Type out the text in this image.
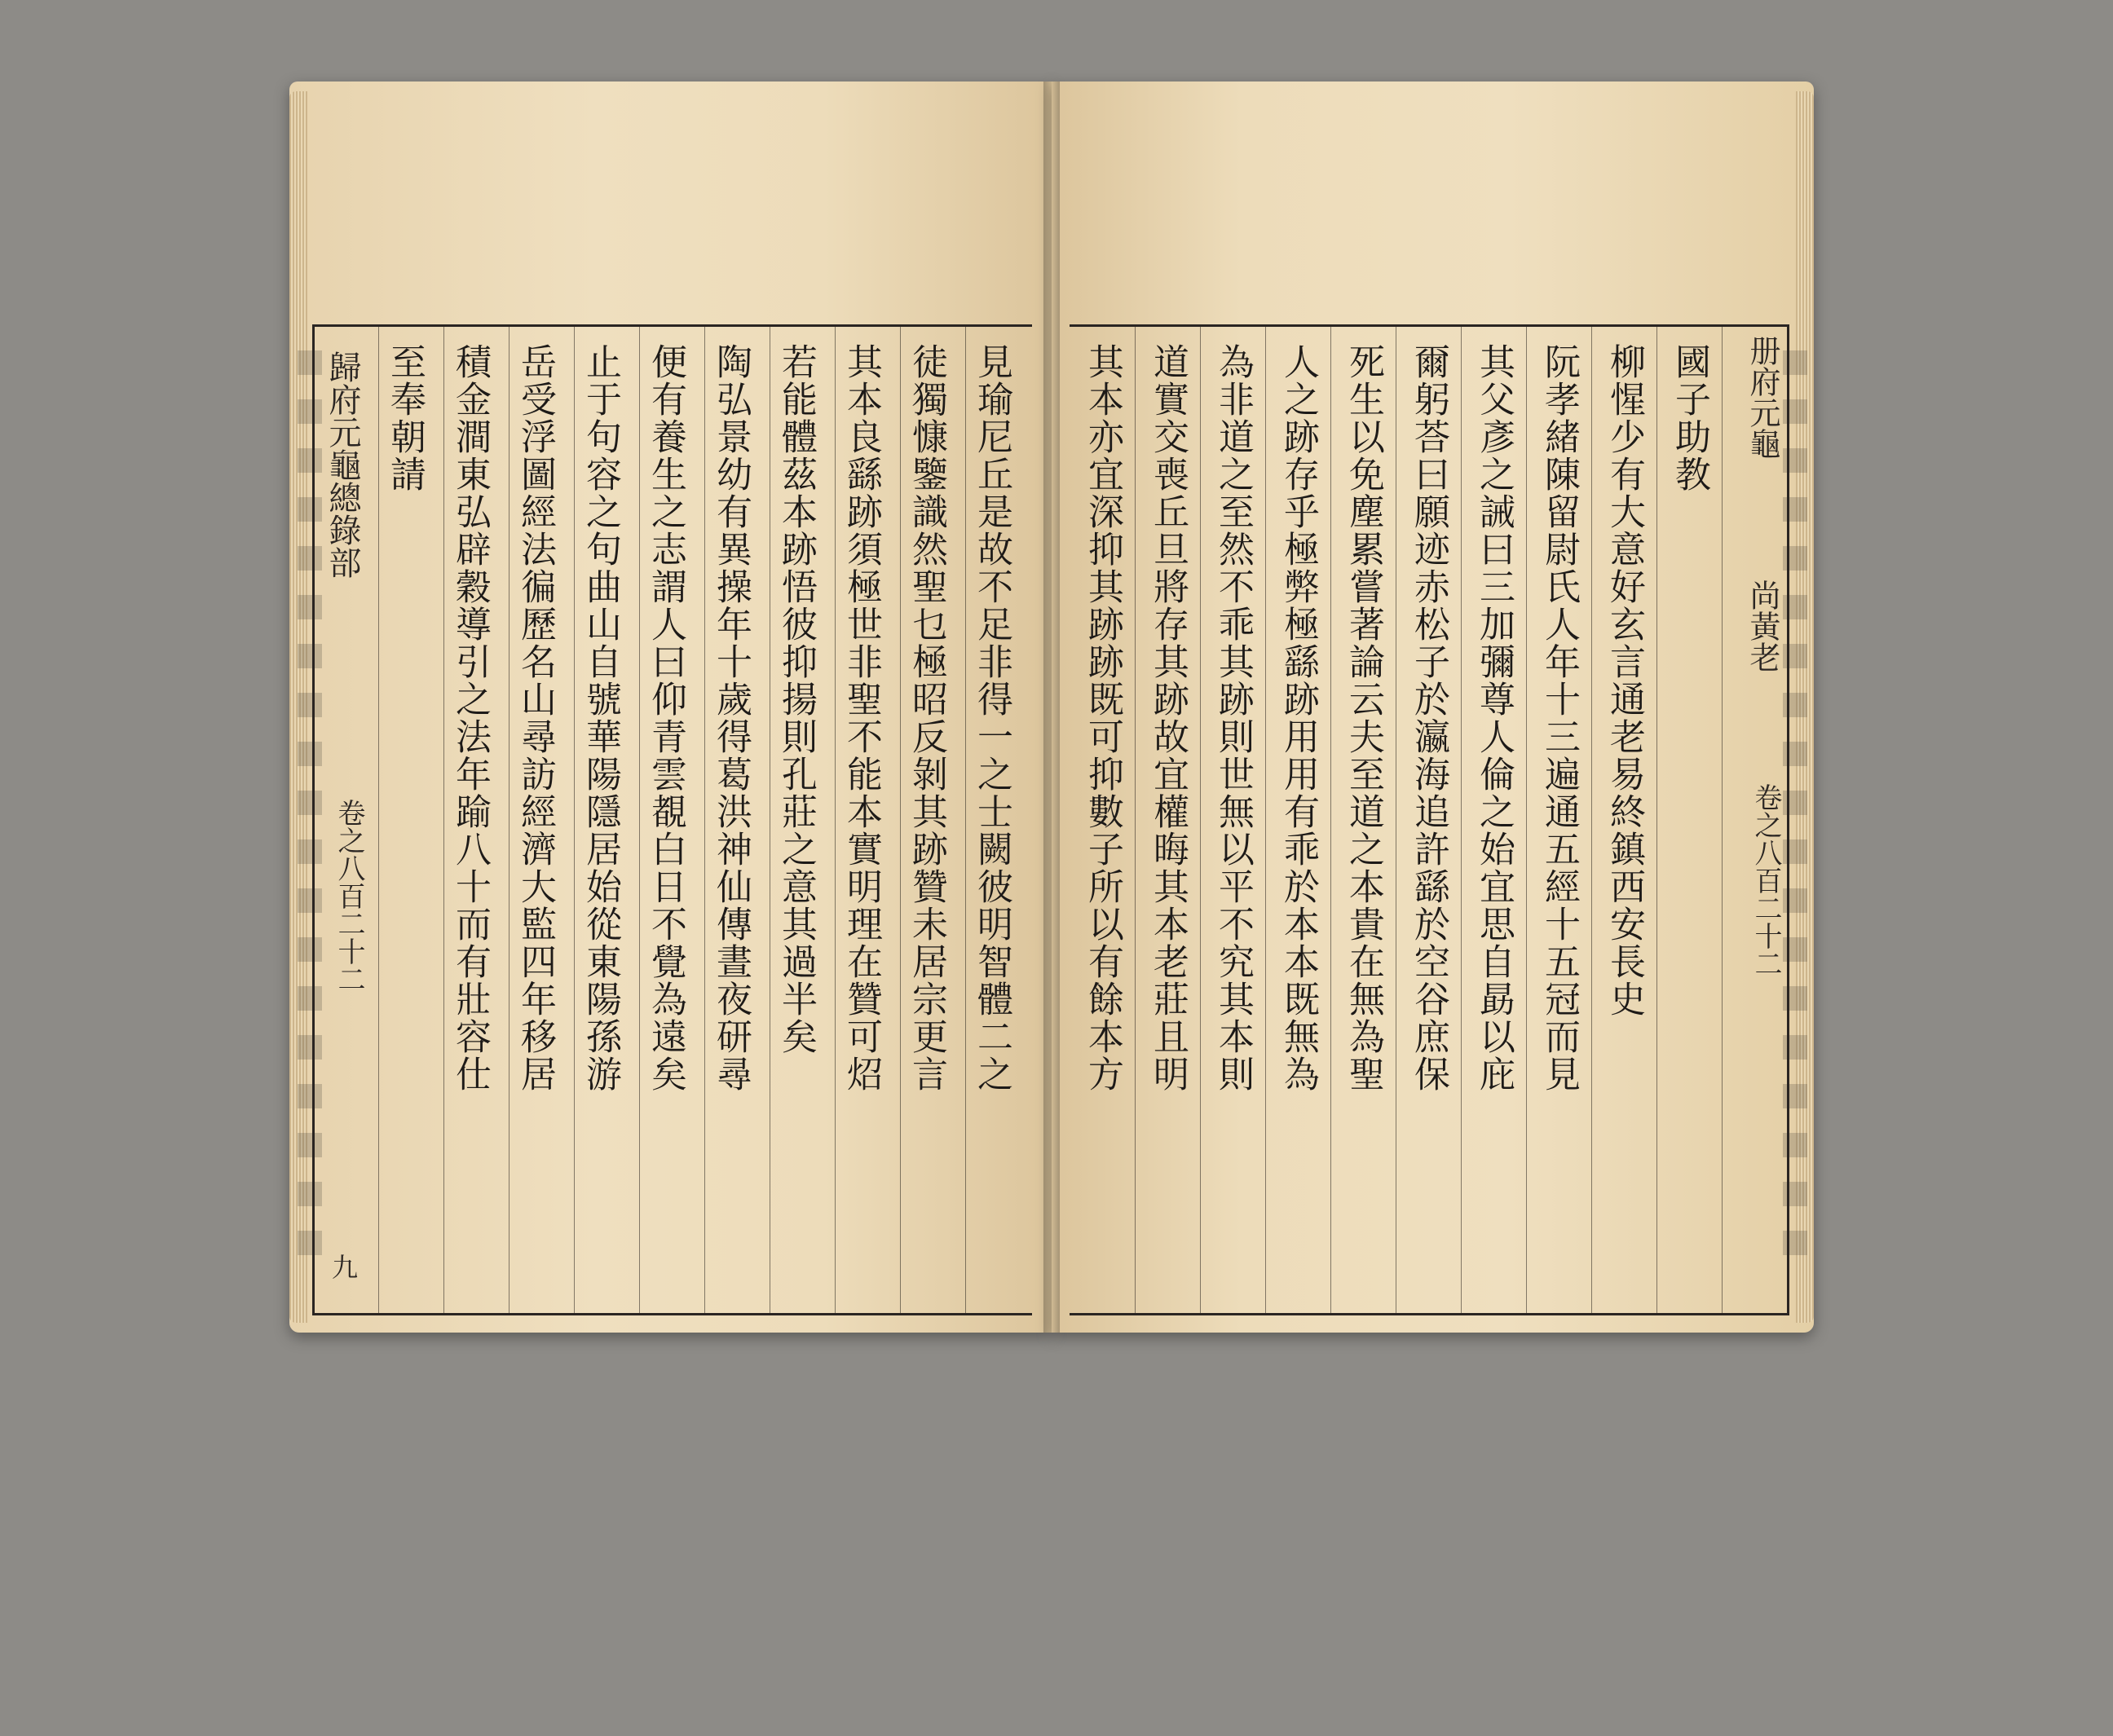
歸府元龜總錄部
卷之八百二十二
九
見瑜尼丘是故不足非得一之士闕彼明智體二之
徒獨慷鑒識然聖乜極昭反剝其跡贊未居宗更言
其本良繇跡須極世非聖不能本實明理在贊可炤
若能體茲本跡悟彼抑揚則孔莊之意其過半矣
陶弘景幼有異操年十歲得葛洪神仙傳晝夜研尋
便有養生之志謂人曰仰青雲覩白日不覺為遠矣
止于句容之句曲山自號華陽隱居始從東陽孫游
岳受浮圖經法徧歷名山尋訪經濟大監四年移居
積金澗東弘辟穀導引之法年踰八十而有壯容仕
至奉朝請	册府元龜
尚黃老
卷之八百二十二
國子助教
柳惺少有大意好玄言通老易終鎮西安長史
阮孝緒陳留尉氏人年十三遍通五經十五冠而見
其父彥之誡曰三加彌尊人倫之始宜思自勗以庇
爾躬荅曰願迹赤松子於瀛海追許繇於空谷庶保
死生以免塵累嘗著論云夫至道之本貴在無為聖
人之跡存乎極弊極繇跡用用有乖於本本既無為
為非道之至然不乖其跡則世無以平不究其本則
道實交喪丘旦將存其跡故宜權晦其本老莊且明
其本亦宜深抑其跡跡既可抑數子所以有餘本方
